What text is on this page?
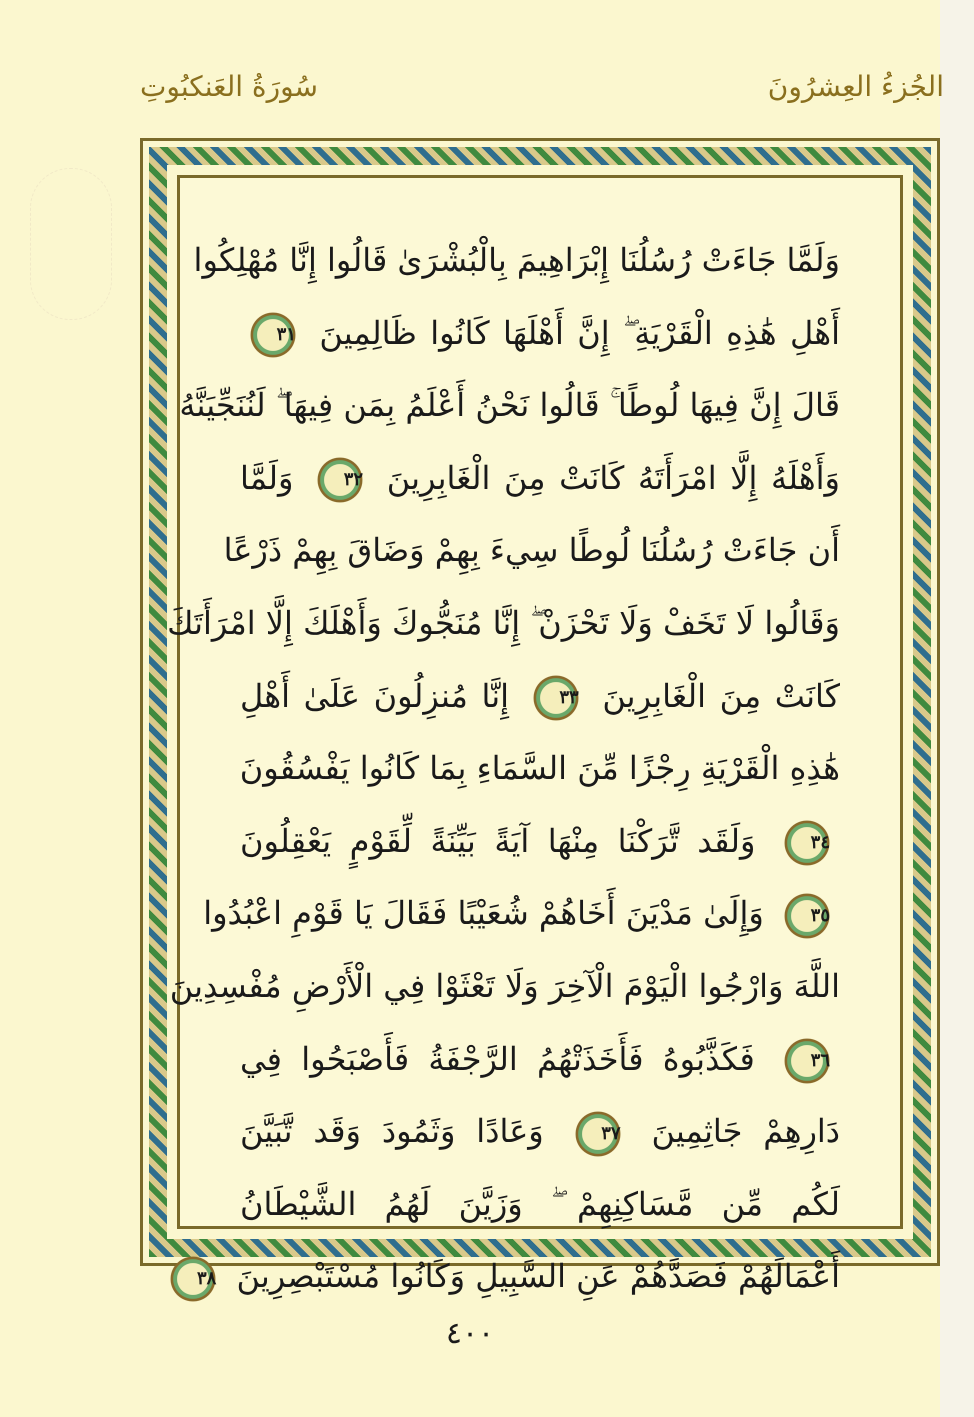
سُورَةُ العَنكبُوتِ	الجُزءُ العِشرُونَ
وَلَمَّا جَاءَتْ رُسُلُنَا إِبْرَاهِيمَ بِالْبُشْرَىٰ قَالُوا إِنَّا مُهْلِكُوا
أَهْلِ هَٰذِهِ الْقَرْيَةِ ۖ إِنَّ أَهْلَهَا كَانُوا ظَالِمِينَ ٣١
قَالَ إِنَّ فِيهَا لُوطًا ۚ قَالُوا نَحْنُ أَعْلَمُ بِمَن فِيهَا ۖ لَنُنَجِّيَنَّهُ
وَأَهْلَهُ إِلَّا امْرَأَتَهُ كَانَتْ مِنَ الْغَابِرِينَ ٣٢ وَلَمَّا
أَن جَاءَتْ رُسُلُنَا لُوطًا سِيءَ بِهِمْ وَضَاقَ بِهِمْ ذَرْعًا
وَقَالُوا لَا تَخَفْ وَلَا تَحْزَنْ ۖ إِنَّا مُنَجُّوكَ وَأَهْلَكَ إِلَّا امْرَأَتَكَ
كَانَتْ مِنَ الْغَابِرِينَ ٣٣ إِنَّا مُنزِلُونَ عَلَىٰ أَهْلِ
هَٰذِهِ الْقَرْيَةِ رِجْزًا مِّنَ السَّمَاءِ بِمَا كَانُوا يَفْسُقُونَ
٣٤ وَلَقَد تَّرَكْنَا مِنْهَا آيَةً بَيِّنَةً لِّقَوْمٍ يَعْقِلُونَ
٣٥ وَإِلَىٰ مَدْيَنَ أَخَاهُمْ شُعَيْبًا فَقَالَ يَا قَوْمِ اعْبُدُوا
اللَّهَ وَارْجُوا الْيَوْمَ الْآخِرَ وَلَا تَعْثَوْا فِي الْأَرْضِ مُفْسِدِينَ
٣٦ فَكَذَّبُوهُ فَأَخَذَتْهُمُ الرَّجْفَةُ فَأَصْبَحُوا فِي
دَارِهِمْ جَاثِمِينَ ٣٧ وَعَادًا وَثَمُودَ وَقَد تَّبَيَّنَ
لَكُم مِّن مَّسَاكِنِهِمْ ۖ وَزَيَّنَ لَهُمُ الشَّيْطَانُ
أَعْمَالَهُمْ فَصَدَّهُمْ عَنِ السَّبِيلِ وَكَانُوا مُسْتَبْصِرِينَ ٣٨
٤٠٠
